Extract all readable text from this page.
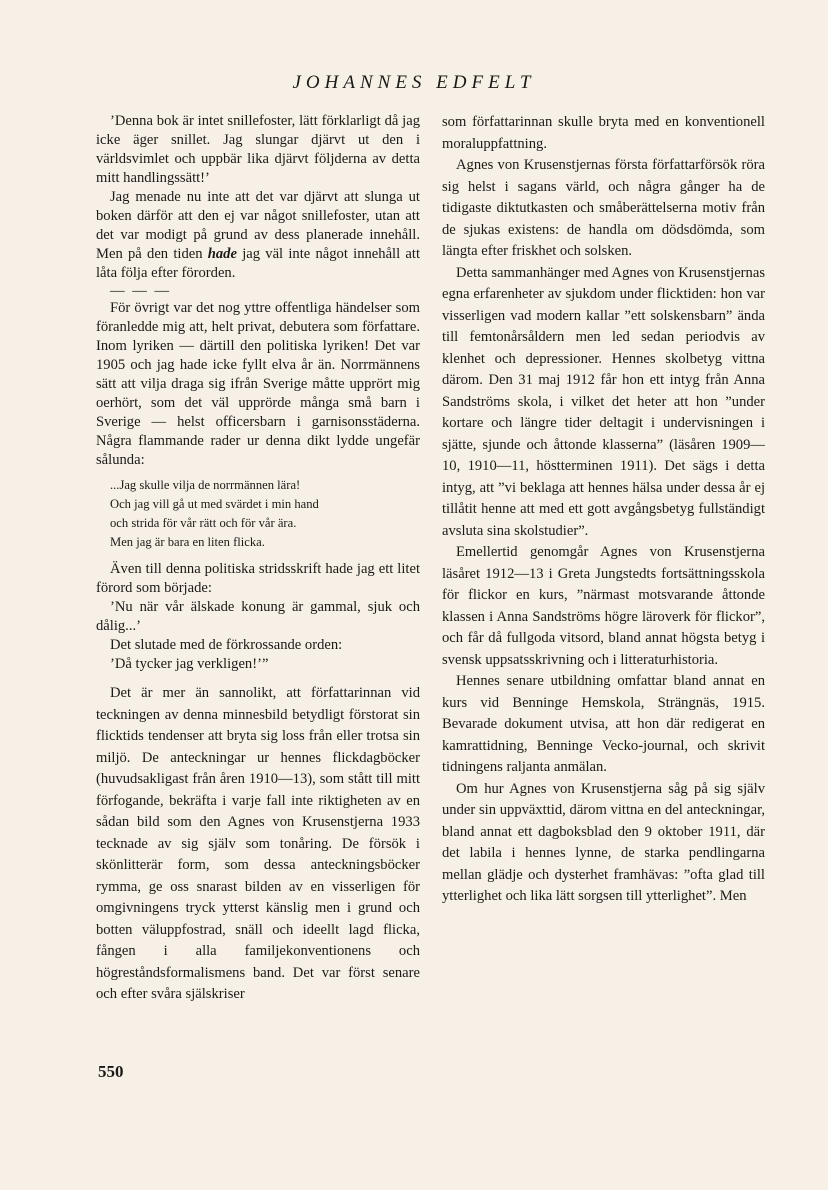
JOHANNES EDFELT

’Denna bok är intet snillefoster, lätt förklarligt då jag icke äger snillet. Jag slungar djärvt ut den i världsvimlet och uppbär lika djärvt följderna av detta mitt handlingssätt!’

Jag menade nu inte att det var djärvt att slunga ut boken därför att den ej var något snillefoster, utan att det var modigt på grund av dess planerade innehåll. Men på den tiden hade jag väl inte något innehåll att låta följa efter förorden.

— — —

För övrigt var det nog yttre offentliga händelser som föranledde mig att, helt privat, debutera som författare. Inom lyriken — därtill den politiska lyriken! Det var 1905 och jag hade icke fyllt elva år än. Norrmännens sätt att vilja draga sig ifrån Sverige måtte upprört mig oerhört, som det väl upprörde många små barn i Sverige — helst officersbarn i garnisonsstäderna. Några flammande rader ur denna dikt lydde ungefär sålunda:

...Jag skulle vilja de norrmännen lära!
Och jag vill gå ut med svärdet i min hand
och strida för vår rätt och för vår ära.
Men jag är bara en liten flicka.

Även till denna politiska stridsskrift hade jag ett litet förord som började:

’Nu när vår älskade konung är gammal, sjuk och dålig...’

Det slutade med de förkrossande orden:

’Då tycker jag verkligen!’”

Det är mer än sannolikt, att författarinnan vid teckningen av denna minnesbild betydligt förstorat sin flicktids tendenser att bryta sig loss från eller trotsa sin miljö. De anteckningar ur hennes flickdagböcker (huvudsakligast från åren 1910—13), som stått till mitt förfogande, bekräfta i varje fall inte riktigheten av en sådan bild som den Agnes von Krusenstjerna 1933 tecknade av sig själv som tonåring. De försök i skönlitterär form, som dessa anteckningsböcker rymma, ge oss snarast bilden av en visserligen för omgivningens tryck ytterst känslig men i grund och botten väluppfostrad, snäll och ideellt lagd flicka, fången i alla familjekonventionens och högreståndsformalismens band. Det var först senare och efter svåra själskriser

som författarinnan skulle bryta med en konventionell moraluppfattning.

Agnes von Krusenstjernas första författarförsök röra sig helst i sagans värld, och några gånger ha de tidigaste diktutkasten och småberättelserna motiv från de sjukas existens: de handla om dödsdömda, som längta efter friskhet och solsken.

Detta sammanhänger med Agnes von Krusenstjernas egna erfarenheter av sjukdom under flicktiden: hon var visserligen vad modern kallar ”ett solskensbarn” ända till femtonårsåldern men led sedan periodvis av klenhet och depressioner. Hennes skolbetyg vittna därom. Den 31 maj 1912 får hon ett intyg från Anna Sandströms skola, i vilket det heter att hon ”under kortare och längre tider deltagit i undervisningen i sjätte, sjunde och åttonde klasserna” (läsåren 1909—10, 1910—11, höstterminen 1911). Det sägs i detta intyg, att ”vi beklaga att hennes hälsa under dessa år ej tillåtit henne att med ett gott avgångsbetyg fullständigt avsluta sina skolstudier”.

Emellertid genomgår Agnes von Krusenstjerna läsåret 1912—13 i Greta Jungstedts fortsättningsskola för flickor en kurs, ”närmast motsvarande åttonde klassen i Anna Sandströms högre läroverk för flickor”, och får då fullgoda vitsord, bland annat högsta betyg i svensk uppsatsskrivning och i litteraturhistoria.

Hennes senare utbildning omfattar bland annat en kurs vid Benninge Hemskola, Strängnäs, 1915. Bevarade dokument utvisa, att hon där redigerat en kamrattidning, Benninge Vecko-journal, och skrivit tidningens raljanta anmälan.

Om hur Agnes von Krusenstjerna såg på sig själv under sin uppväxttid, därom vittna en del anteckningar, bland annat ett dagboksblad den 9 oktober 1911, där det labila i hennes lynne, de starka pendlingarna mellan glädje och dysterhet framhävas: ”ofta glad till ytterlighet och lika lätt sorgsen till ytterlighet”. Men

550
